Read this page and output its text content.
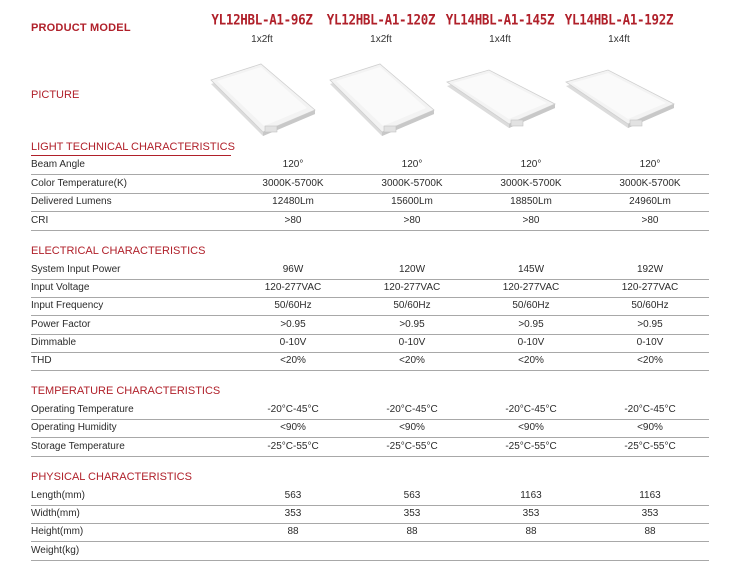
PRODUCT MODEL	YL12HBL-A1-96Z	YL12HBL-A1-120Z YL14HBL-A1-145Z YL14HBL-A1-192Z
1x2ft	1x2ft	1x4ft	1x4ft
PICTURE
LIGHT TECHNICAL CHARACTERISTICS
Beam Angle	120°	120°	120°	120°
Color Temperature(K)	3000K-5700K	3000K-5700K	3000K-5700K	3000K-5700K
Delivered Lumens	12480Lm	15600Lm	18850Lm	24960Lm
CRI	>80	>80	>80	>80
ELECTRICAL CHARACTERISTICS
System Input Power	96W	120W	145W	192W
Input Voltage	120-277VAC	120-277VAC	120-277VAC	120-277VAC
Input Frequency	50/60Hz	50/60Hz	50/60Hz	50/60Hz
Power Factor	>0.95	>0.95	>0.95	>0.95
Dimmable	0-10V	0-10V	0-10V	0-10V
THD	<20%	<20%	<20%	<20%
TEMPERATURE CHARACTERISTICS
Operating Temperature	-20°C-45°C	-20°C-45°C	-20°C-45°C	-20°C-45°C
Operating Humidity	<90%	<90%	<90%	<90%
Storage Temperature	-25°C-55°C	-25°C-55°C	-25°C-55°C	-25°C-55°C
PHYSICAL CHARACTERISTICS
Length(mm)	563	563	1163	1163
Width(mm)	353	353	353	353
Height(mm)	88	88	88	88
Weight(kg)
